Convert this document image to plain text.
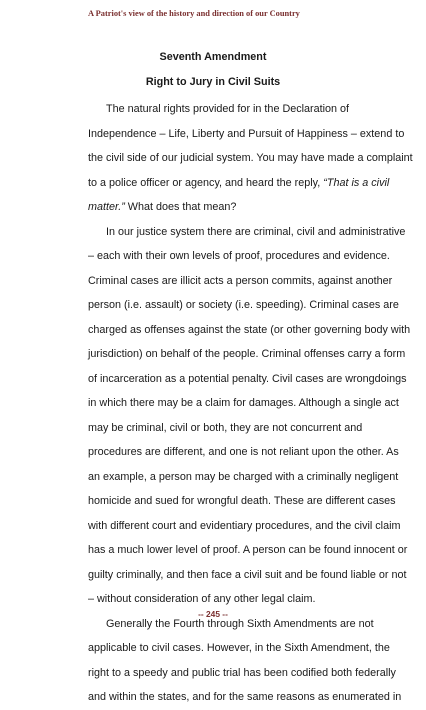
A Patriot's view of the history and direction of our Country
Seventh Amendment
Right to Jury in Civil Suits
The natural rights provided for in the Declaration of
Independence – Life, Liberty and Pursuit of Happiness – extend to
the civil side of our judicial system. You may have made a complaint
to a police officer or agency, and heard the reply, “That is a civil
matter.” What does that mean?
In our justice system there are criminal, civil and administrative
– each with their own levels of proof, procedures and evidence.
Criminal cases are illicit acts a person commits, against another
person (i.e. assault) or society (i.e. speeding). Criminal cases are
charged as offenses against the state (or other governing body with
jurisdiction) on behalf of the people. Criminal offenses carry a form
of incarceration as a potential penalty. Civil cases are wrongdoings
in which there may be a claim for damages. Although a single act
may be criminal, civil or both, they are not concurrent and
procedures are different, and one is not reliant upon the other. As
an example, a person may be charged with a criminally negligent
homicide and sued for wrongful death. These are different cases
with different court and evidentiary procedures, and the civil claim
has a much lower level of proof. A person can be found innocent or
guilty criminally, and then face a civil suit and be found liable or not
– without consideration of any other legal claim.
Generally the Fourth through Sixth Amendments are not
applicable to civil cases. However, in the Sixth Amendment, the
right to a speedy and public trial has been codified both federally
and within the states, and for the same reasons as enumerated in
-- 245 --
